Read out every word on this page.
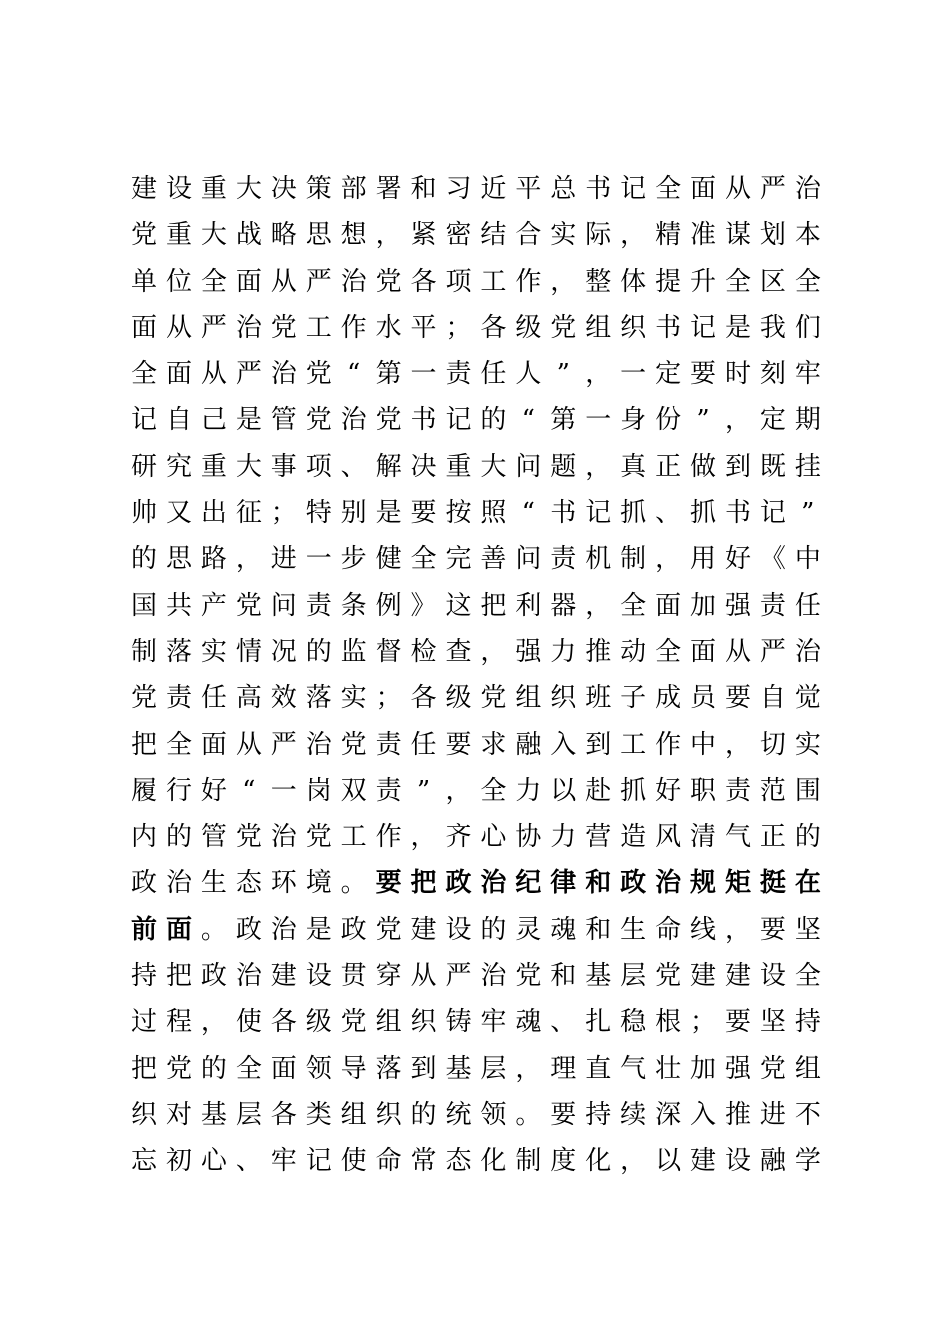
建 设 重 大 决 策 部 署 和 习 近 平 总 书 记 全 面 从 严 治
党 重 大 战 略 思 想 ， 紧 密 结 合 实 际 ， 精 准 谋 划 本
单 位 全 面 从 严 治 党 各 项 工 作 ， 整 体 提 升 全 区 全
面 从 严 治 党 工 作 水 平 ； 各 级 党 组 织 书 记 是 我 们
全 面 从 严 治 党 “ 第 一 责 任 人 ” ， 一 定 要 时 刻 牢
记 自 己 是 管 党 治 党 书 记 的 “ 第 一 身 份 ” ， 定 期
研 究 重 大 事 项 、 解 决 重 大 问 题 ， 真 正 做 到 既 挂
帅 又 出 征 ； 特 别 是 要 按 照 “ 书 记 抓 、 抓 书 记 ”
的 思 路 ， 进 一 步 健 全 完 善 问 责 机 制 ， 用 好 《 中
国 共 产 党 问 责 条 例 》 这 把 利 器 ， 全 面 加 强 责 任
制 落 实 情 况 的 监 督 检 查 ， 强 力 推 动 全 面 从 严 治
党 责 任 高 效 落 实 ； 各 级 党 组 织 班 子 成 员 要 自 觉
把 全 面 从 严 治 党 责 任 要 求 融 入 到 工 作 中 ， 切 实
履 行 好 “ 一 岗 双 责 ” ， 全 力 以 赴 抓 好 职 责 范 围
内 的 管 党 治 党 工 作 ， 齐 心 协 力 营 造 风 清 气 正 的
政 治 生 态 环 境 。 要 把 政 治 纪 律 和 政 治 规 矩 挺 在
前 面 。 政 治 是 政 党 建 设 的 灵 魂 和 生 命 线 ， 要 坚
持 把 政 治 建 设 贯 穿 从 严 治 党 和 基 层 党 建 建 设 全
过 程 ， 使 各 级 党 组 织 铸 牢 魂 、 扎 稳 根 ； 要 坚 持
把 党 的 全 面 领 导 落 到 基 层 ， 理 直 气 壮 加 强 党 组
织 对 基 层 各 类 组 织 的 统 领 。 要 持 续 深 入 推 进 不
忘 初 心 、 牢 记 使 命 常 态 化 制 度 化 ， 以 建 设 融 学
